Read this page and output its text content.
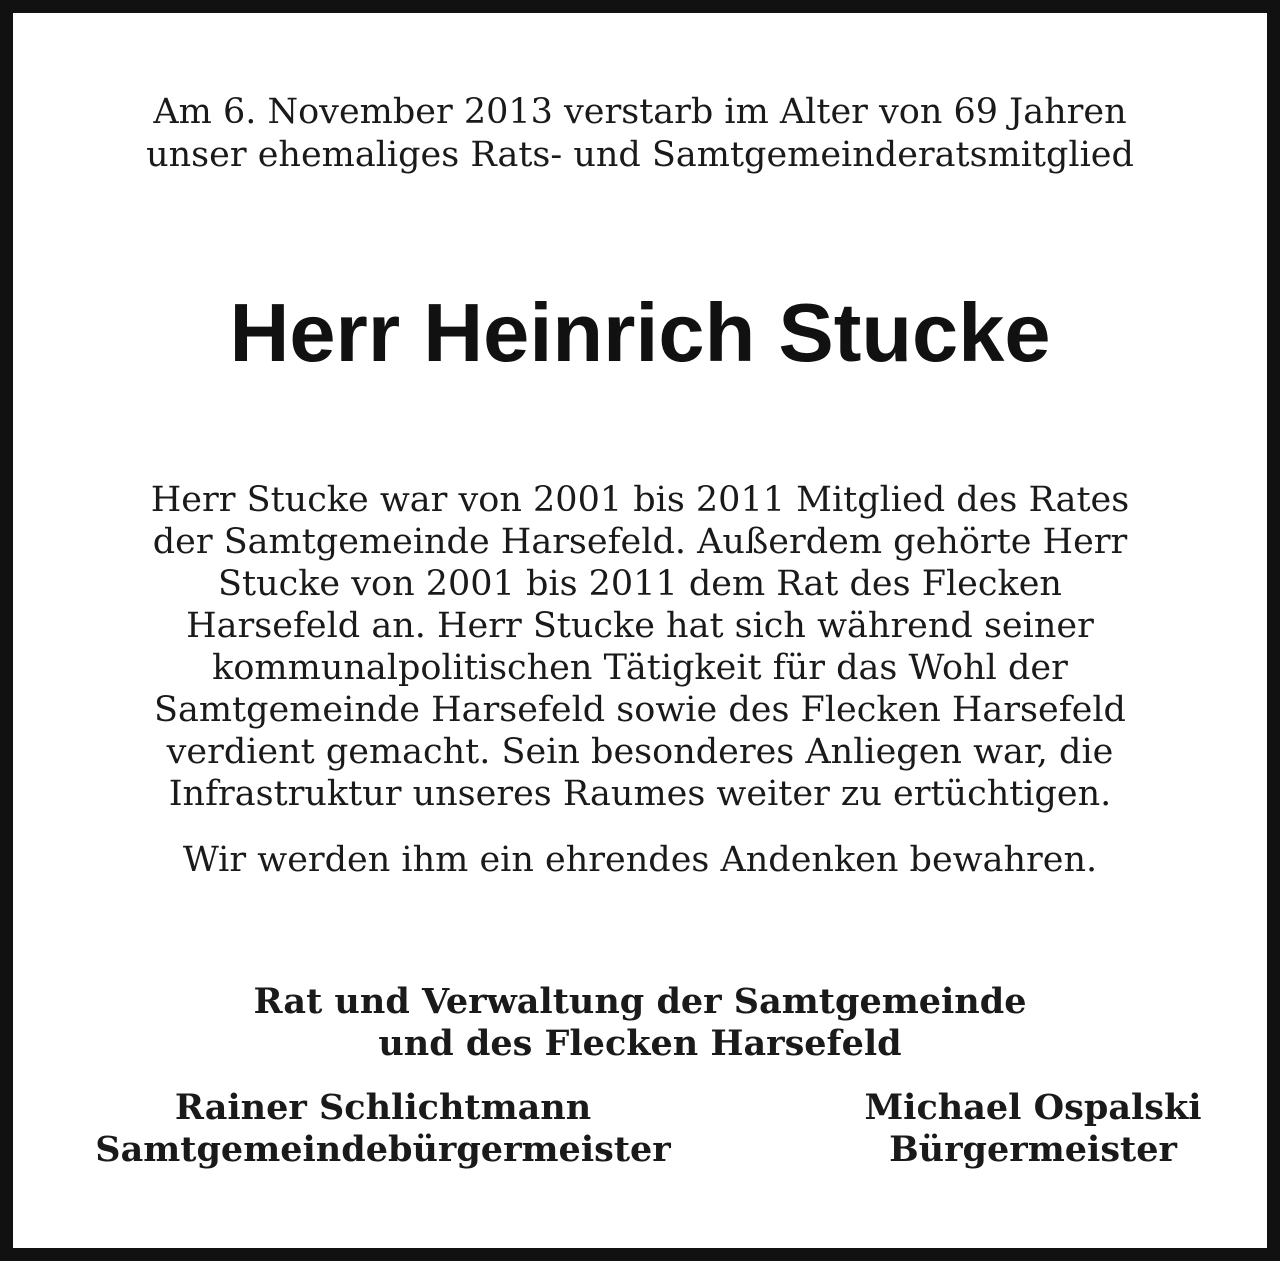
Am 6. November 2013 verstarb im Alter von 69 Jahren
unser ehemaliges Rats- und Samtgemeinderatsmitglied
Herr Heinrich Stucke
Herr Stucke war von 2001 bis 2011 Mitglied des Rates
der Samtgemeinde Harsefeld. Außerdem gehörte Herr
Stucke von 2001 bis 2011 dem Rat des Flecken
Harsefeld an. Herr Stucke hat sich während seiner
kommunalpolitischen Tätigkeit für das Wohl der
Samtgemeinde Harsefeld sowie des Flecken Harsefeld
verdient gemacht. Sein besonderes Anliegen war, die
Infrastruktur unseres Raumes weiter zu ertüchtigen.
Wir werden ihm ein ehrendes Andenken bewahren.
Rat und Verwaltung der Samtgemeinde
und des Flecken Harsefeld
Rainer Schlichtmann
Samtgemeindebürgermeister
Michael Ospalski
Bürgermeister
